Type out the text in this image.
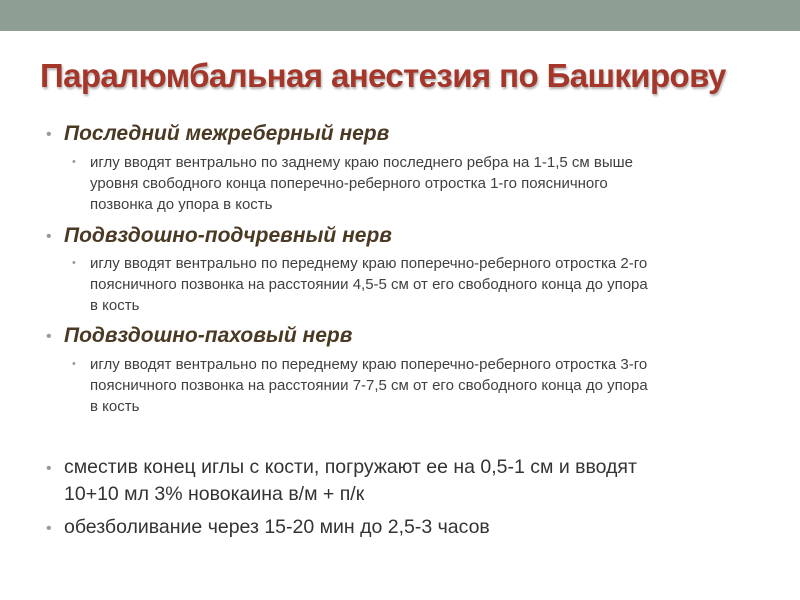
Паралюмбальная анестезия по Башкирову
• Последний межреберный нерв
• иглу вводят вентрально по заднему краю последнего ребра на 1-1,5 см выше
уровня свободного конца поперечно-реберного отростка 1-го поясничного
позвонка до упора в кость
• Подвздошно-подчревный нерв
• иглу вводят вентрально по переднему краю поперечно-реберного отростка 2-го
поясничного позвонка на расстоянии 4,5-5 см от его свободного конца до упора
в кость
• Подвздошно-паховый нерв
• иглу вводят вентрально по переднему краю поперечно-реберного отростка 3-го
поясничного позвонка на расстоянии 7-7,5 см от его свободного конца до упора
в кость
• сместив конец иглы с кости, погружают ее на 0,5-1 см и вводят
10+10 мл 3% новокаина в/м + п/к
• обезболивание через 15-20 мин до 2,5-3 часов
